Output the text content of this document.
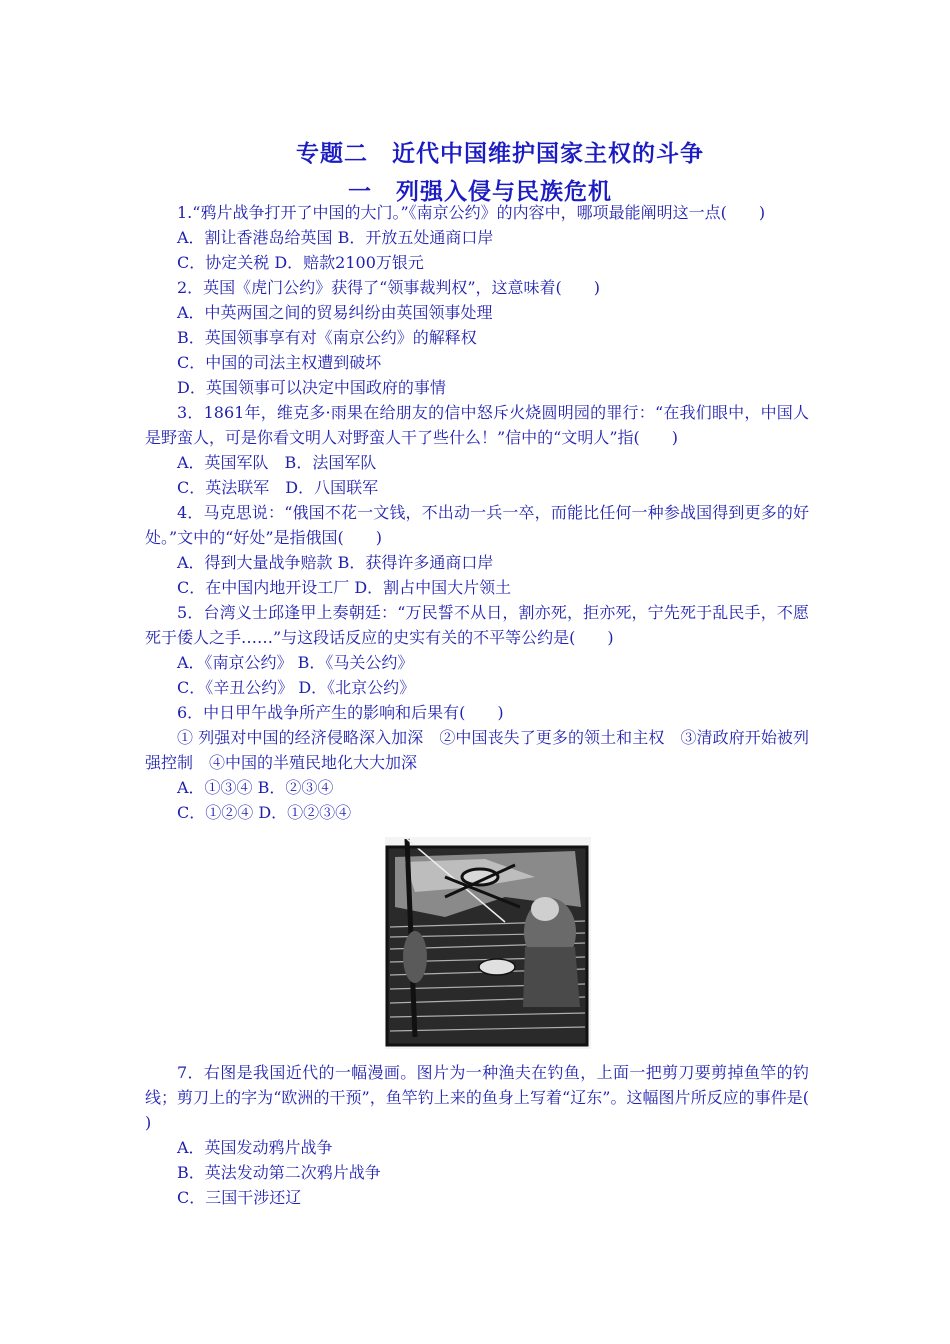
专题二　近代中国维护国家主权的斗争
一　列强入侵与民族危机

1.“鸦片战争打开了中国的大门。”《南京公约》的内容中，哪项最能阐明这一点(　　)

A．割让香港岛给英国 B．开放五处通商口岸

C．协定关税 D．赔款2100万银元

2．英国《虎门公约》获得了“领事裁判权”，这意味着(　　)

A．中英两国之间的贸易纠纷由英国领事处理

B．英国领事享有对《南京公约》的解释权

C．中国的司法主权遭到破坏

D．英国领事可以决定中国政府的事情

3．1861年，维克多·雨果在给朋友的信中怒斥火烧圆明园的罪行：“在我们眼中，中国人是野蛮人，可是你看文明人对野蛮人干了些什么！”信中的“文明人”指(　　)

A．英国军队　B．法国军队

C．英法联军　D．八国联军

4．马克思说：“俄国不花一文钱，不出动一兵一卒，而能比任何一种参战国得到更多的好处。”文中的“好处”是指俄国(　　)

A．得到大量战争赔款 B．获得许多通商口岸

C．在中国内地开设工厂 D．割占中国大片领土

5．台湾义士邱逢甲上奏朝廷：“万民誓不从日，割亦死，拒亦死，宁先死于乱民手，不愿死于倭人之手……”与这段话反应的史实有关的不平等公约是(　　)

A．《南京公约》 B．《马关公约》

C．《辛丑公约》 D．《北京公约》

6．中日甲午战争所产生的影响和后果有(　　)

① 列强对中国的经济侵略深入加深　②中国丧失了更多的领土和主权　③清政府开始被列强控制　④中国的半殖民地化大大加深

A．①③④ B．②③④

C．①②④ D．①②③④

7．右图是我国近代的一幅漫画。图片为一种渔夫在钓鱼，上面一把剪刀要剪掉鱼竿的钓线；剪刀上的字为“欧洲的干预”，鱼竿钓上来的鱼身上写着“辽东”。这幅图片所反应的事件是(　　)

A．英国发动鸦片战争

B．英法发动第二次鸦片战争

C．三国干涉还辽
